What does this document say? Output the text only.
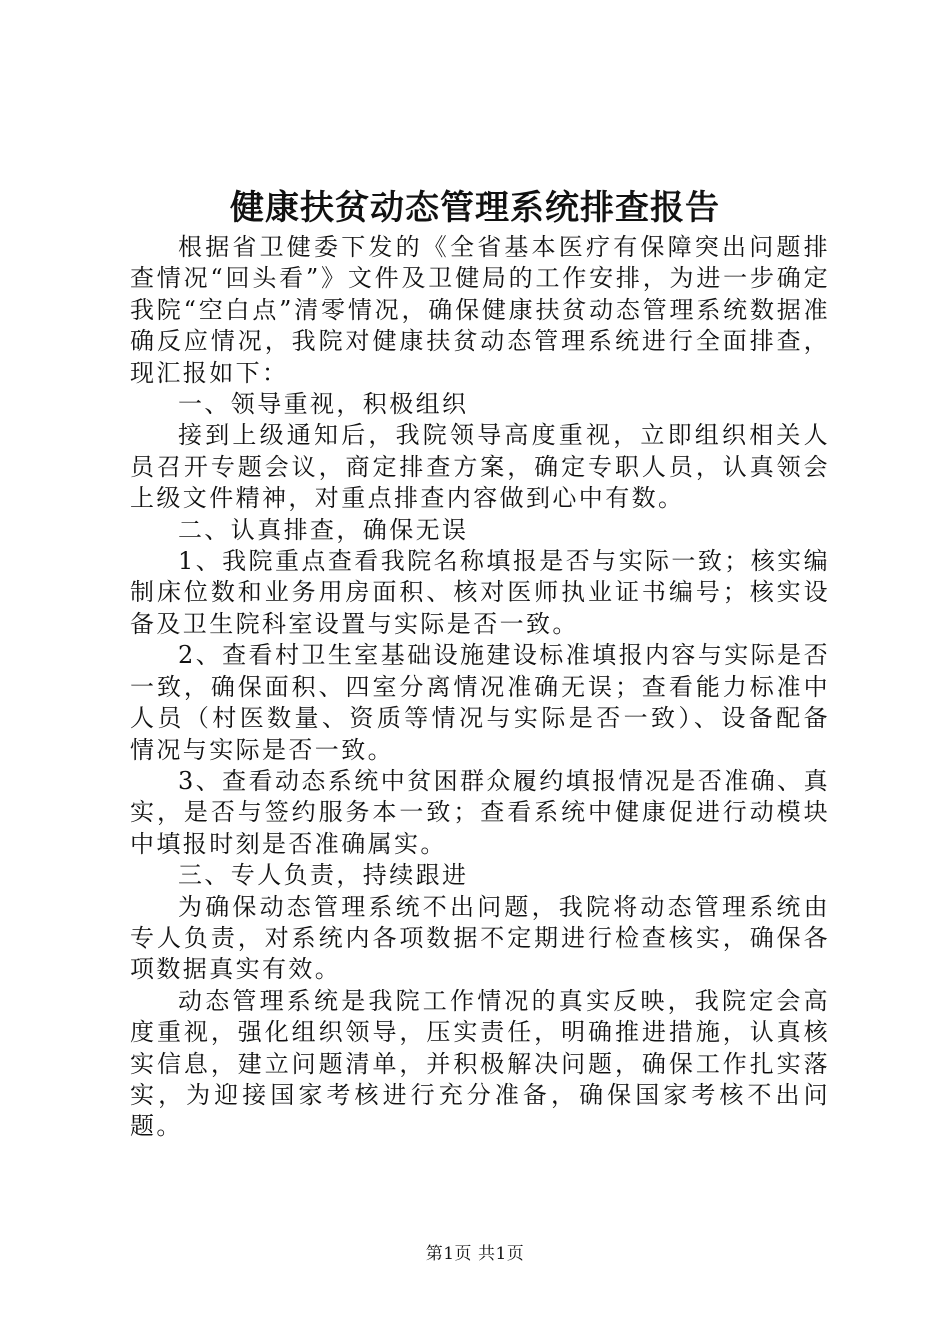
健康扶贫动态管理系统排查报告

根据省卫健委下发的《全省基本医疗有保障突出问题排查情况“回头看”》文件及卫健局的工作安排，为进一步确定我院“空白点”清零情况，确保健康扶贫动态管理系统数据准确反应情况，我院对健康扶贫动态管理系统进行全面排查，现汇报如下：

一、领导重视，积极组织

接到上级通知后，我院领导高度重视，立即组织相关人员召开专题会议，商定排查方案，确定专职人员，认真领会上级文件精神，对重点排查内容做到心中有数。

二、认真排查，确保无误

1、我院重点查看我院名称填报是否与实际一致；核实编制床位数和业务用房面积、核对医师执业证书编号；核实设备及卫生院科室设置与实际是否一致。

2、查看村卫生室基础设施建设标准填报内容与实际是否一致，确保面积、四室分离情况准确无误；查看能力标准中人员（村医数量、资质等情况与实际是否一致）、设备配备情况与实际是否一致。

3、查看动态系统中贫困群众履约填报情况是否准确、真实，是否与签约服务本一致；查看系统中健康促进行动模块中填报时刻是否准确属实。

三、专人负责，持续跟进

为确保动态管理系统不出问题，我院将动态管理系统由专人负责，对系统内各项数据不定期进行检查核实，确保各项数据真实有效。

动态管理系统是我院工作情况的真实反映，我院定会高度重视，强化组织领导，压实责任，明确推进措施，认真核实信息，建立问题清单，并积极解决问题，确保工作扎实落实，为迎接国家考核进行充分准备，确保国家考核不出问题。

第1页 共1页
